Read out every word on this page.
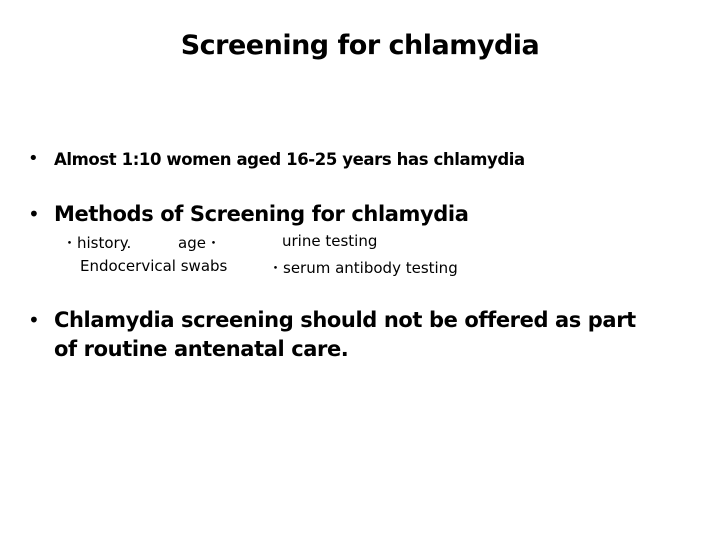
Screening for chlamydia
• Almost 1:10 women aged 16-25 years has chlamydia
• Methods of Screening for chlamydia
・history.	age・	urine testing
Endocervical swabs	・serum antibody testing
• Chlamydia screening should not be offered as part of routine antenatal care.
